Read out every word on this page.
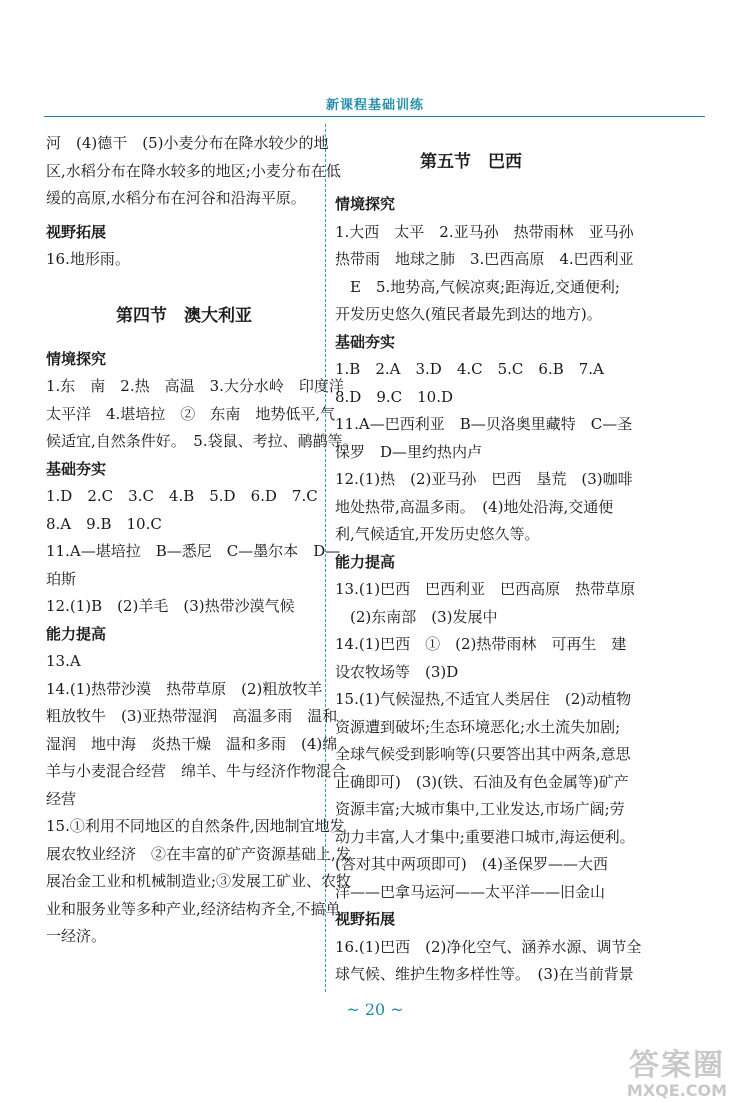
新课程基础训练
河　(4)德干　(5)小麦分布在降水较少的地
区,水稻分布在降水较多的地区;小麦分布在低
缓的高原,水稻分布在河谷和沿海平原。
视野拓展
16.地形雨。
第四节　澳大利亚
情境探究
1.东　南　2.热　高温　3.大分水岭　印度洋
太平洋　4.堪培拉　②　东南　地势低平,气
候适宜,自然条件好。　5.袋鼠、考拉、鸸鹋等。
基础夯实
1.D　2.C　3.C　4.B　5.D　6.D　7.C
8.A　9.B　10.C
11.A—堪培拉　B—悉尼　C—墨尔本　D—
珀斯
12.(1)B　(2)羊毛　(3)热带沙漠气候
能力提高
13.A
14.(1)热带沙漠　热带草原　(2)粗放牧羊
粗放牧牛　(3)亚热带湿润　高温多雨　温和
湿润　地中海　炎热干燥　温和多雨　(4)绵
羊与小麦混合经营　绵羊、牛与经济作物混合
经营
15.①利用不同地区的自然条件,因地制宜地发
展农牧业经济　②在丰富的矿产资源基础上,发
展冶金工业和机械制造业;③发展工矿业、农牧
业和服务业等多种产业,经济结构齐全,不搞单
一经济。
第五节　巴西
情境探究
1.大西　太平　2.亚马孙　热带雨林　亚马孙
热带雨　地球之肺　3.巴西高原　4.巴西利亚
　E　5.地势高,气候凉爽;距海近,交通便利;
开发历史悠久(殖民者最先到达的地方)。
基础夯实
1.B　2.A　3.D　4.C　5.C　6.B　7.A
8.D　9.C　10.D
11.A—巴西利亚　B—贝洛奥里藏特　C—圣
保罗　D—里约热内卢
12.(1)热　(2)亚马孙　巴西　垦荒　(3)咖啡
地处热带,高温多雨。　(4)地处沿海,交通便
利,气候适宜,开发历史悠久等。
能力提高
13.(1)巴西　巴西利亚　巴西高原　热带草原
　(2)东南部　(3)发展中
14.(1)巴西　①　(2)热带雨林　可再生　建
设农牧场等　(3)D
15.(1)气候湿热,不适宜人类居住　(2)动植物
资源遭到破坏;生态环境恶化;水土流失加剧;
全球气候受到影响等(只要答出其中两条,意思
正确即可)　(3)(铁、石油及有色金属等)矿产
资源丰富;大城市集中,工业发达,市场广阔;劳
动力丰富,人才集中;重要港口城市,海运便利。
(答对其中两项即可)　(4)圣保罗——大西
洋——巴拿马运河——太平洋——旧金山
视野拓展
16.(1)巴西　(2)净化空气、涵养水源、调节全
球气候、维护生物多样性等。　(3)在当前背景
~ 20 ~
答案圈
MXQE.COM
